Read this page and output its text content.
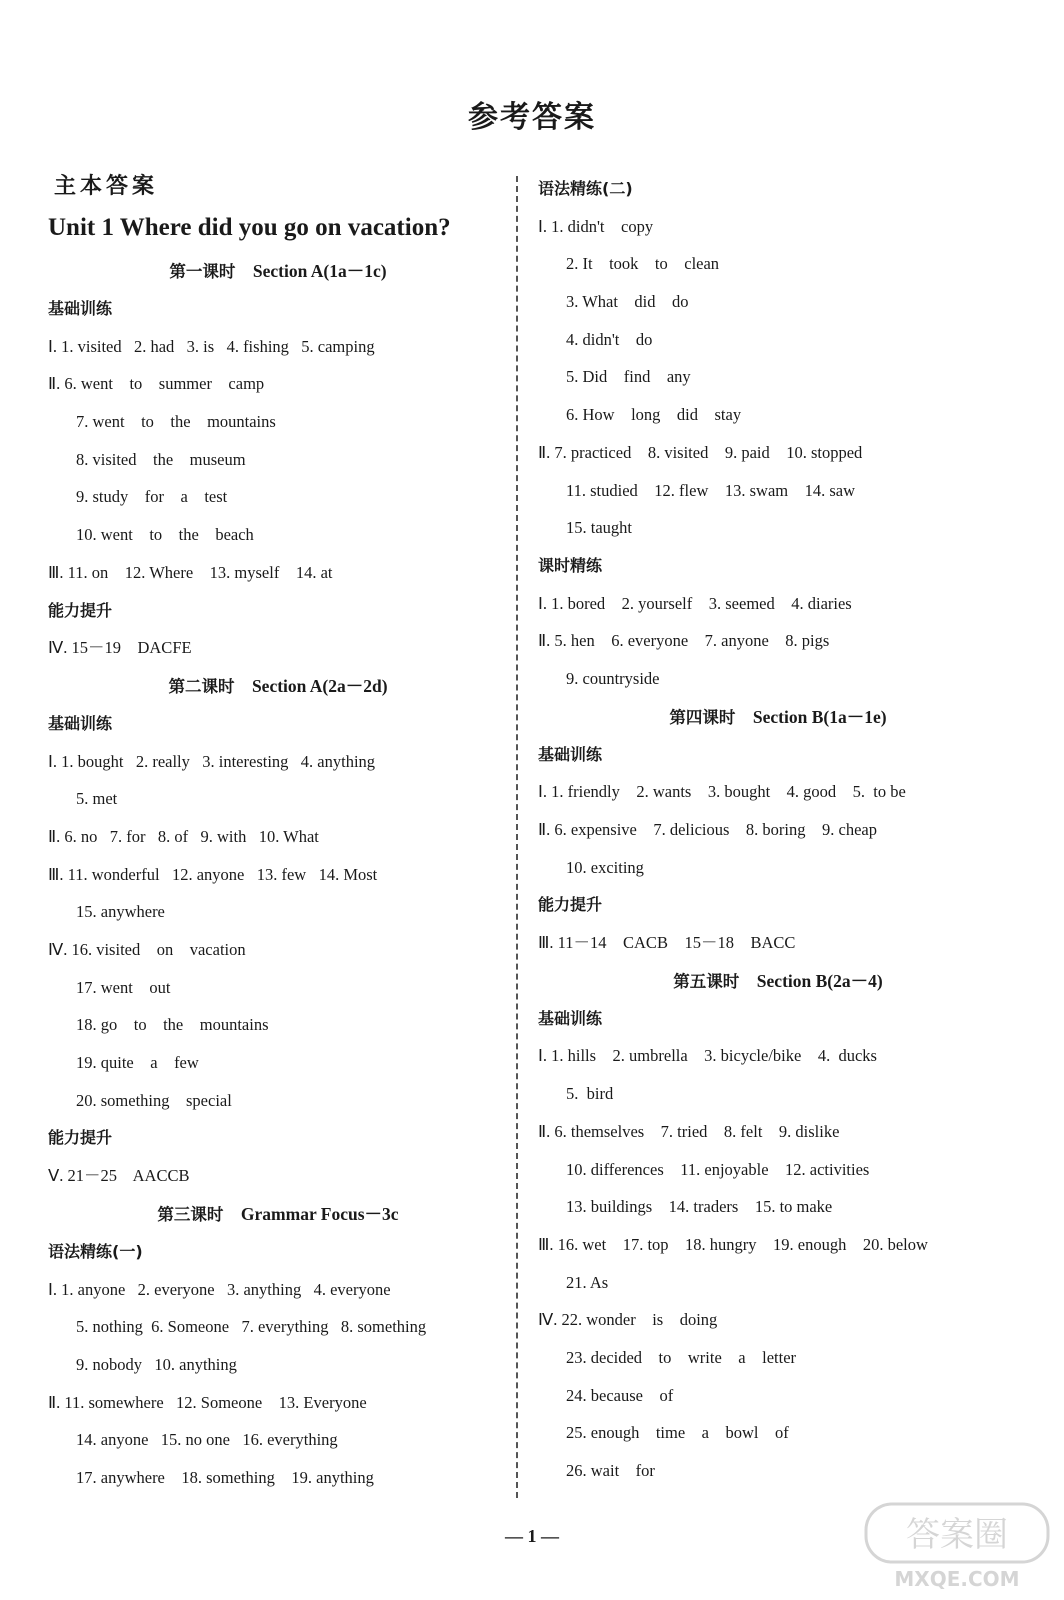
参考答案
主本答案
Unit 1 Where did you go on vacation?
第一课时 Section A(1a－1c)
基础训练
Ⅰ. 1. visited   2. had   3. is   4. fishing   5. camping
Ⅱ. 6. went    to    summer    camp
7. went    to    the    mountains
8. visited    the    museum
9. study    for    a    test
10. went    to    the    beach
Ⅲ. 11. on    12. Where    13. myself    14. at
能力提升
Ⅳ. 15－19    DACFE
第二课时 Section A(2a－2d)
基础训练
Ⅰ. 1. bought   2. really   3. interesting   4. anything
5. met
Ⅱ. 6. no   7. for   8. of   9. with   10. What
Ⅲ. 11. wonderful   12. anyone   13. few   14. Most
15. anywhere
Ⅳ. 16. visited    on    vacation
17. went    out
18. go    to    the    mountains
19. quite    a    few
20. something    special
能力提升
Ⅴ. 21－25    AACCB
第三课时 Grammar Focus－3c
语法精练(一)
Ⅰ. 1. anyone   2. everyone   3. anything   4. everyone
5. nothing  6. Someone   7. everything   8. something
9. nobody   10. anything
Ⅱ. 11. somewhere   12. Someone    13. Everyone
14. anyone   15. no one   16. everything
17. anywhere    18. something    19. anything
语法精练(二)
Ⅰ. 1. didn't    copy
2. It    took    to    clean
3. What    did    do
4. didn't    do
5. Did    find    any
6. How    long    did    stay
Ⅱ. 7. practiced    8. visited    9. paid    10. stopped
11. studied    12. flew    13. swam    14. saw
15. taught
课时精练
Ⅰ. 1. bored    2. yourself    3. seemed    4. diaries
Ⅱ. 5. hen    6. everyone    7. anyone    8. pigs
9. countryside
第四课时 Section B(1a－1e)
基础训练
Ⅰ. 1. friendly    2. wants    3. bought    4. good    5.  to be
Ⅱ. 6. expensive    7. delicious    8. boring    9. cheap
10. exciting
能力提升
Ⅲ. 11－14    CACB    15－18    BACC
第五课时 Section B(2a－4)
基础训练
Ⅰ. 1. hills    2. umbrella    3. bicycle/bike    4.  ducks
5.  bird
Ⅱ. 6. themselves    7. tried    8. felt    9. dislike
10. differences    11. enjoyable    12. activities
13. buildings    14. traders    15. to make
Ⅲ. 16. wet    17. top    18. hungry    19. enough    20. below
21. As
Ⅳ. 22. wonder    is    doing
23. decided    to    write    a    letter
24. because    of
25. enough    time    a    bowl    of
26. wait    for
— 1 —	答案圈
MXQE.COM
